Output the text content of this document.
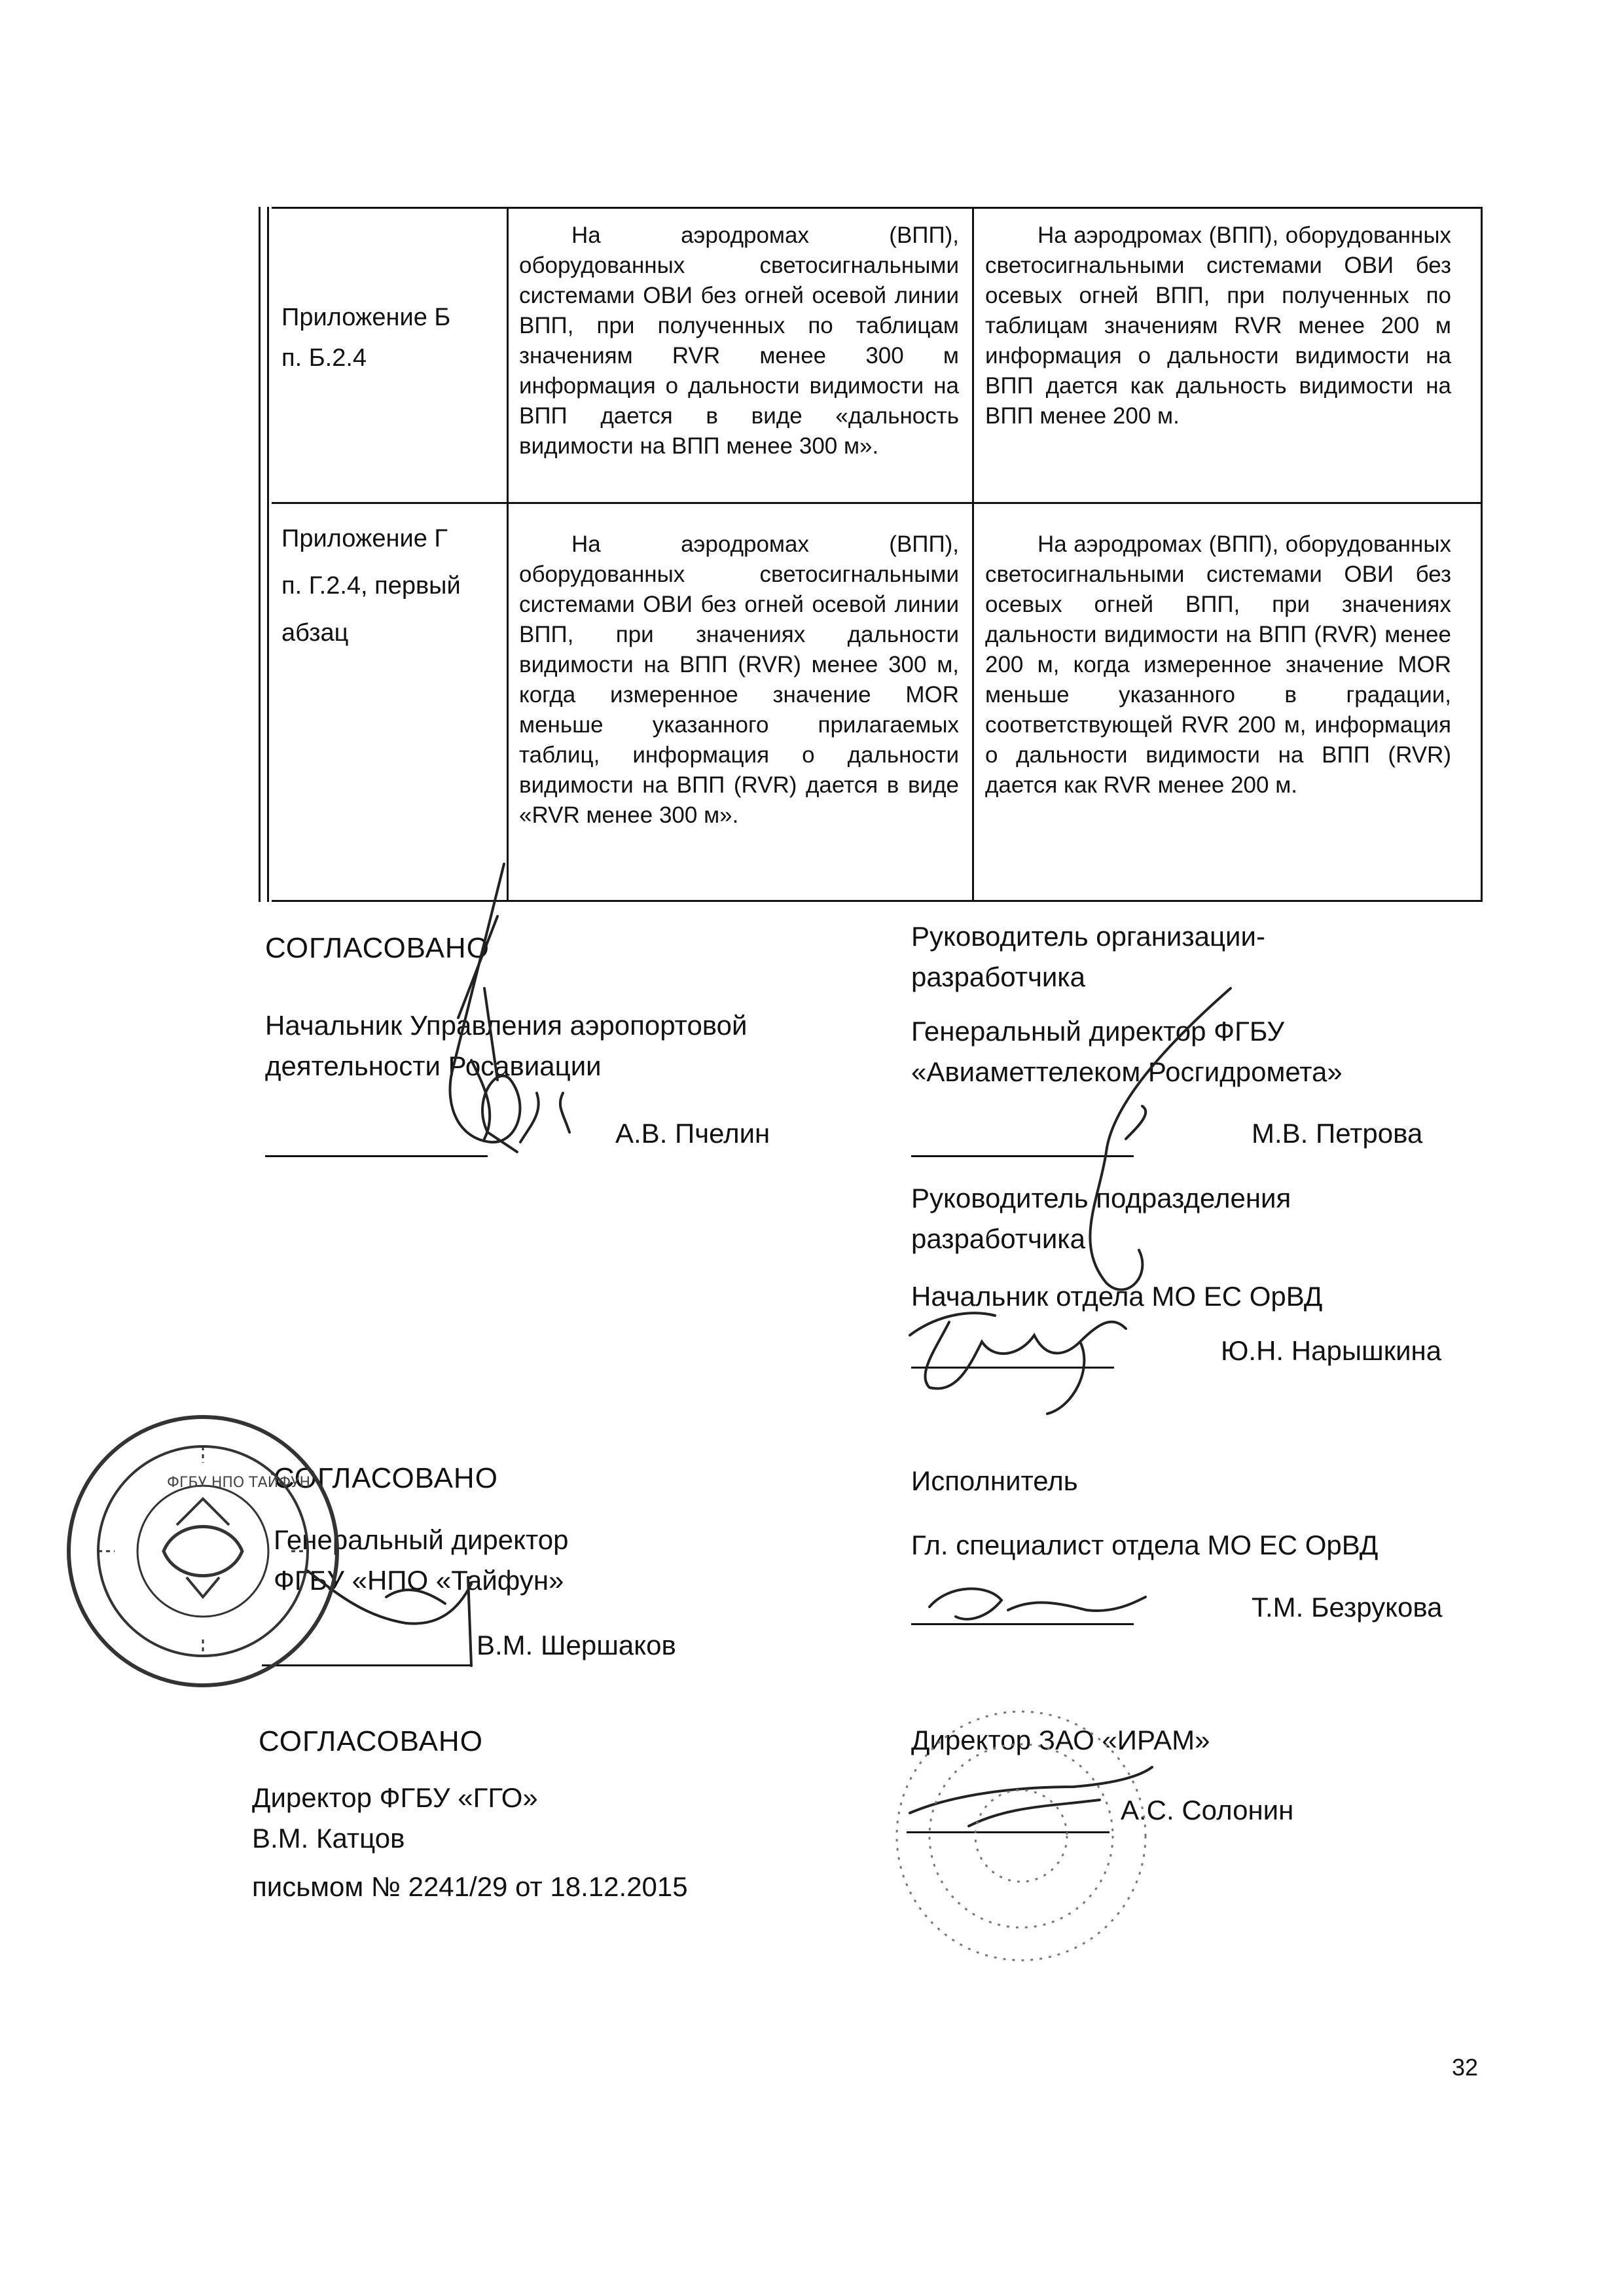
Приложение Б
п. Б.2.4
На аэродромах (ВПП), оборудованных светосигнальными системами ОВИ без огней осевой линии ВПП, при полученных по таблицам значениям RVR менее 300 м информация о дальности видимости на ВПП дается в виде «дальность видимости на ВПП менее 300 м».
На аэродромах (ВПП), оборудованных светосигнальными системами ОВИ без осевых огней ВПП, при полученных по таблицам значениям RVR менее 200 м информация о дальности видимости на ВПП дается как дальность видимости на ВПП менее 200 м.
Приложение Г
п. Г.2.4, первый
абзац
На аэродромах (ВПП), оборудованных светосигнальными системами ОВИ без огней осевой линии ВПП, при значениях дальности видимости на ВПП (RVR) менее 300 м, когда измеренное значение MOR меньше указанного прилагаемых таблиц, информация о дальности видимости на ВПП (RVR) дается в виде «RVR менее 300 м».
На аэродромах (ВПП), оборудованных светосигнальными системами ОВИ без осевых огней ВПП, при значениях дальности видимости на ВПП (RVR) менее 200 м, когда измеренное значение MOR меньше указанного в градации, соответствующей RVR 200 м, информация о дальности видимости на ВПП (RVR) дается как RVR менее 200 м.
СОГЛАСОВАНО
Начальник Управления аэропортовой
деятельности Росавиации
А.В. Пчелин
СОГЛАСОВАНО
Генеральный директор
ФГБУ «НПО «Тайфун»
В.М. Шершаков
СОГЛАСОВАНО
Директор ФГБУ «ГГО»
В.М. Катцов
письмом № 2241/29 от 18.12.2015
Руководитель организации-
разработчика
Генеральный директор ФГБУ
«Авиаметтелеком Росгидромета»
М.В. Петрова
Руководитель подразделения
разработчика
Начальник отдела МО ЕС ОрВД
Ю.Н. Нарышкина
Исполнитель
Гл. специалист отдела МО ЕС ОрВД
Т.М. Безрукова
Директор ЗАО «ИРАМ»
А.С. Солонин
32
ФГБУ НПО ТАЙФУН
